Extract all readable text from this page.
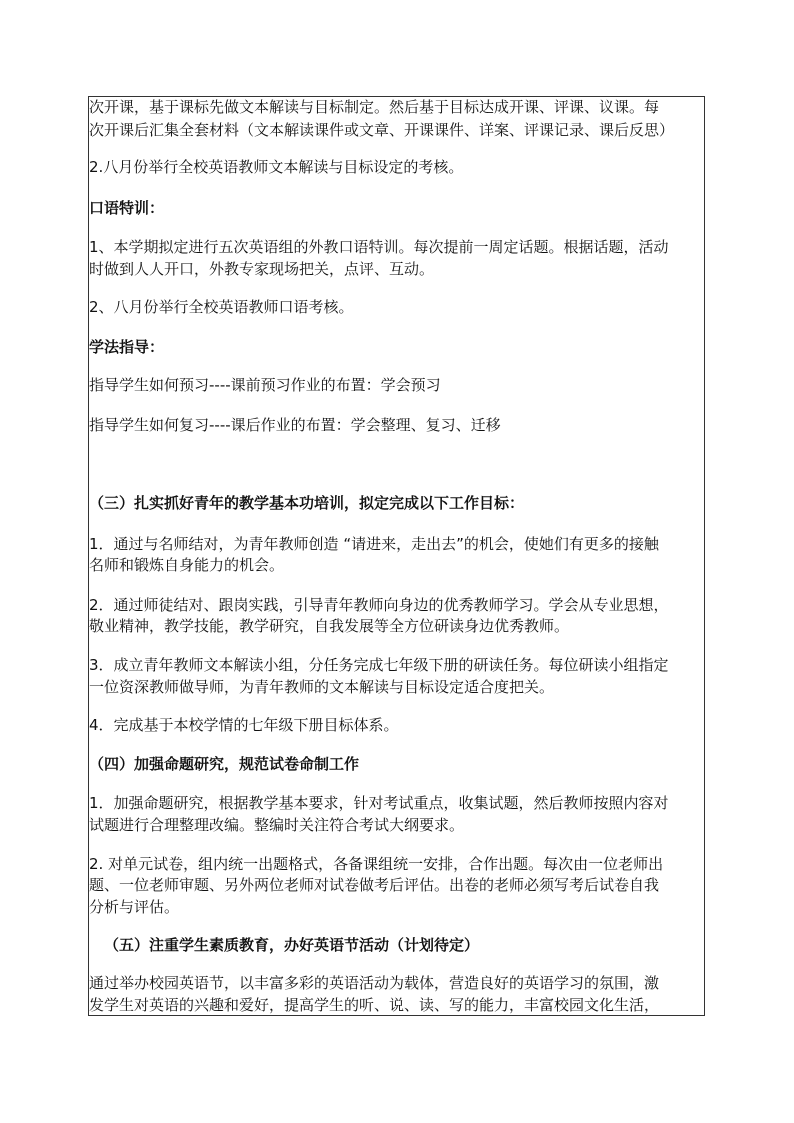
次开课，基于课标先做文本解读与目标制定。然后基于目标达成开课、评课、议课。每
次开课后汇集全套材料（文本解读课件或文章、开课课件、详案、评课记录、课后反思）
2.八月份举行全校英语教师文本解读与目标设定的考核。
口语特训：
1、本学期拟定进行五次英语组的外教口语特训。每次提前一周定话题。根据话题，活动
时做到人人开口，外教专家现场把关，点评、互动。
2、八月份举行全校英语教师口语考核。
学法指导：
指导学生如何预习----课前预习作业的布置：学会预习
指导学生如何复习----课后作业的布置：学会整理、复习、迁移
（三）扎实抓好青年的教学基本功培训，拟定完成以下工作目标：
1．通过与名师结对，为青年教师创造 “请进来，走出去”的机会，使她们有更多的接触
名师和锻炼自身能力的机会。
2．通过师徒结对、跟岗实践，引导青年教师向身边的优秀教师学习。学会从专业思想，
敬业精神，教学技能，教学研究，自我发展等全方位研读身边优秀教师。
3．成立青年教师文本解读小组，分任务完成七年级下册的研读任务。每位研读小组指定
一位资深教师做导师，为青年教师的文本解读与目标设定适合度把关。
4．完成基于本校学情的七年级下册目标体系。
（四）加强命题研究，规范试卷命制工作
1．加强命题研究，根据教学基本要求，针对考试重点，收集试题，然后教师按照内容对
试题进行合理整理改编。整编时关注符合考试大纲要求。
2. 对单元试卷，组内统一出题格式，各备课组统一安排，合作出题。每次由一位老师出
题、一位老师审题、另外两位老师对试卷做考后评估。出卷的老师必须写考后试卷自我
分析与评估。
（五）注重学生素质教育，办好英语节活动（计划待定）
通过举办校园英语节，以丰富多彩的英语活动为载体，营造良好的英语学习的氛围，激
发学生对英语的兴趣和爱好，提高学生的听、说、读、写的能力，丰富校园文化生活，
